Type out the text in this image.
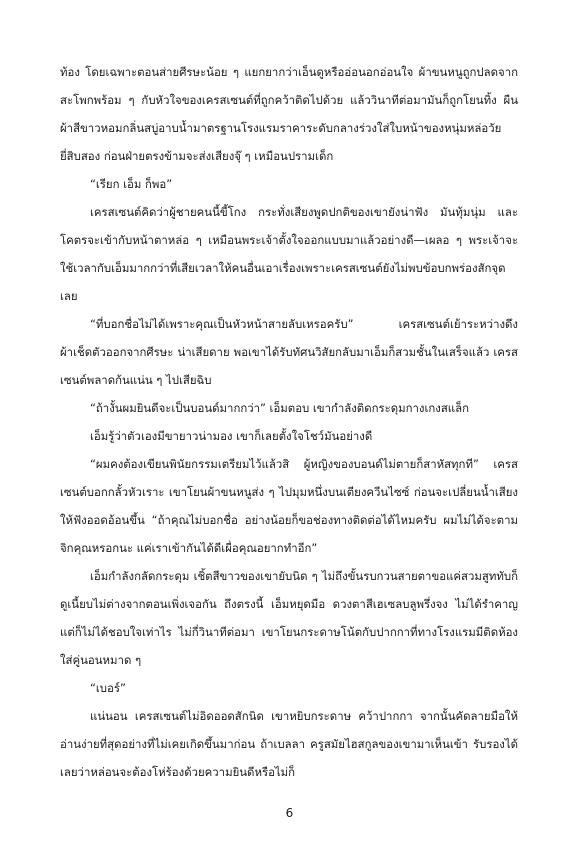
ท้อง โดยเฉพาะตอนส่ายศีรษะน้อย ๆ แยกยากว่าเอ็นดูหรืออ่อนอกอ่อนใจ ผ้าขนหนูถูกปลดจากสะโพกพร้อม ๆ กับหัวใจของเครสเซนต์ที่ถูกคว้าติดไปด้วย แล้ววินาทีต่อมามันก็ถูกโยนทิ้ง ผืนผ้าสีขาวหอมกลิ่นสบู่อาบน้ำมาตรฐานโรงแรมราคาระดับกลางร่วงใส่ใบหน้าของหนุ่มหล่อวัยยี่สิบสอง ก่อนฝ่ายตรงข้ามจะส่งเสียงจุ๊ ๆ เหมือนปรามเด็ก

“เรียก เอ็ม ก็พอ”

เครสเซนต์คิดว่าผู้ชายคนนี้ขี้โกง กระทั่งเสียงพูดปกติของเขายังน่าฟัง มันทุ้มนุ่ม และโคตรจะเข้ากับหน้าตาหล่อ ๆ เหมือนพระเจ้าตั้งใจออกแบบมาแล้วอย่างดี—เผลอ ๆ พระเจ้าจะใช้เวลากับเอ็มมากกว่าที่เสียเวลาให้คนอื่นเอาเรื่องเพราะเครสเซนต์ยังไม่พบข้อบกพร่องสักจุดเลย

“ที่บอกชื่อไม่ได้เพราะคุณเป็นหัวหน้าสายลับเหรอครับ” เครสเซนต์เย้าระหว่างดึงผ้าเช็ดตัวออกจากศีรษะ น่าเสียดาย พอเขาได้รับทัศนวิสัยกลับมาเอ็มก็สวมชั้นในเสร็จแล้ว เครสเซนต์พลาดก้นแน่น ๆ ไปเสียฉิบ

“ถ้างั้นผมยินดีจะเป็นบอนด์มากกว่า” เอ็มตอบ เขากำลังติดกระดุมกางเกงสแล็ก

เอ็มรู้ว่าตัวเองมีขายาวน่ามอง เขาก็เลยตั้งใจโชว์มันอย่างดี

“ผมคงต้องเขียนพินัยกรรมเตรียมไว้แล้วสิ ผู้หญิงของบอนด์ไม่ตายก็สาหัสทุกที” เครสเซนต์บอกกลั้วหัวเราะ เขาโยนผ้าขนหนูส่ง ๆ ไปมุมหนึ่งบนเตียงควีนไซซ์ ก่อนจะเปลี่ยนน้ำเสียงให้ฟังออดอ้อนขึ้น “ถ้าคุณไม่บอกชื่อ อย่างน้อยก็ขอช่องทางติดต่อได้ไหมครับ ผมไม่ได้จะตามจิกคุณหรอกนะ แค่เราเข้ากันได้ดีเผื่อคุณอยากทำอีก”

เอ็มกำลังกลัดกระดุม เชิ้ตสีขาวของเขายับนิด ๆ ไม่ถึงขั้นรบกวนสายตาขอแค่สวมสูททับก็ดูเนี้ยบไม่ต่างจากตอนเพิ่งเจอกัน ถึงตรงนี้ เอ็มหยุดมือ ดวงตาสีเฮเซลบลูพรึ่งจง ไม่ได้รำคาญ แต่ก็ไม่ได้ชอบใจเท่าไร ไม่กี่วินาทีต่อมา เขาโยนกระดาษโน้ตกับปากกาที่ทางโรงแรมมีติดห้องใส่คู่นอนหมาด ๆ

“เบอร์”

แน่นอน เครสเซนต์ไม่อิดออดสักนิด เขาหยิบกระดาษ คว้าปากกา จากนั้นคัดลายมือให้อ่านง่ายที่สุดอย่างที่ไม่เคยเกิดขึ้นมาก่อน ถ้าเบลลา ครูสมัยไฮสกูลของเขามาเห็นเข้า รับรองได้เลยว่าหล่อนจะต้องโห่ร้องด้วยความยินดีหรือไม่ก็

6
